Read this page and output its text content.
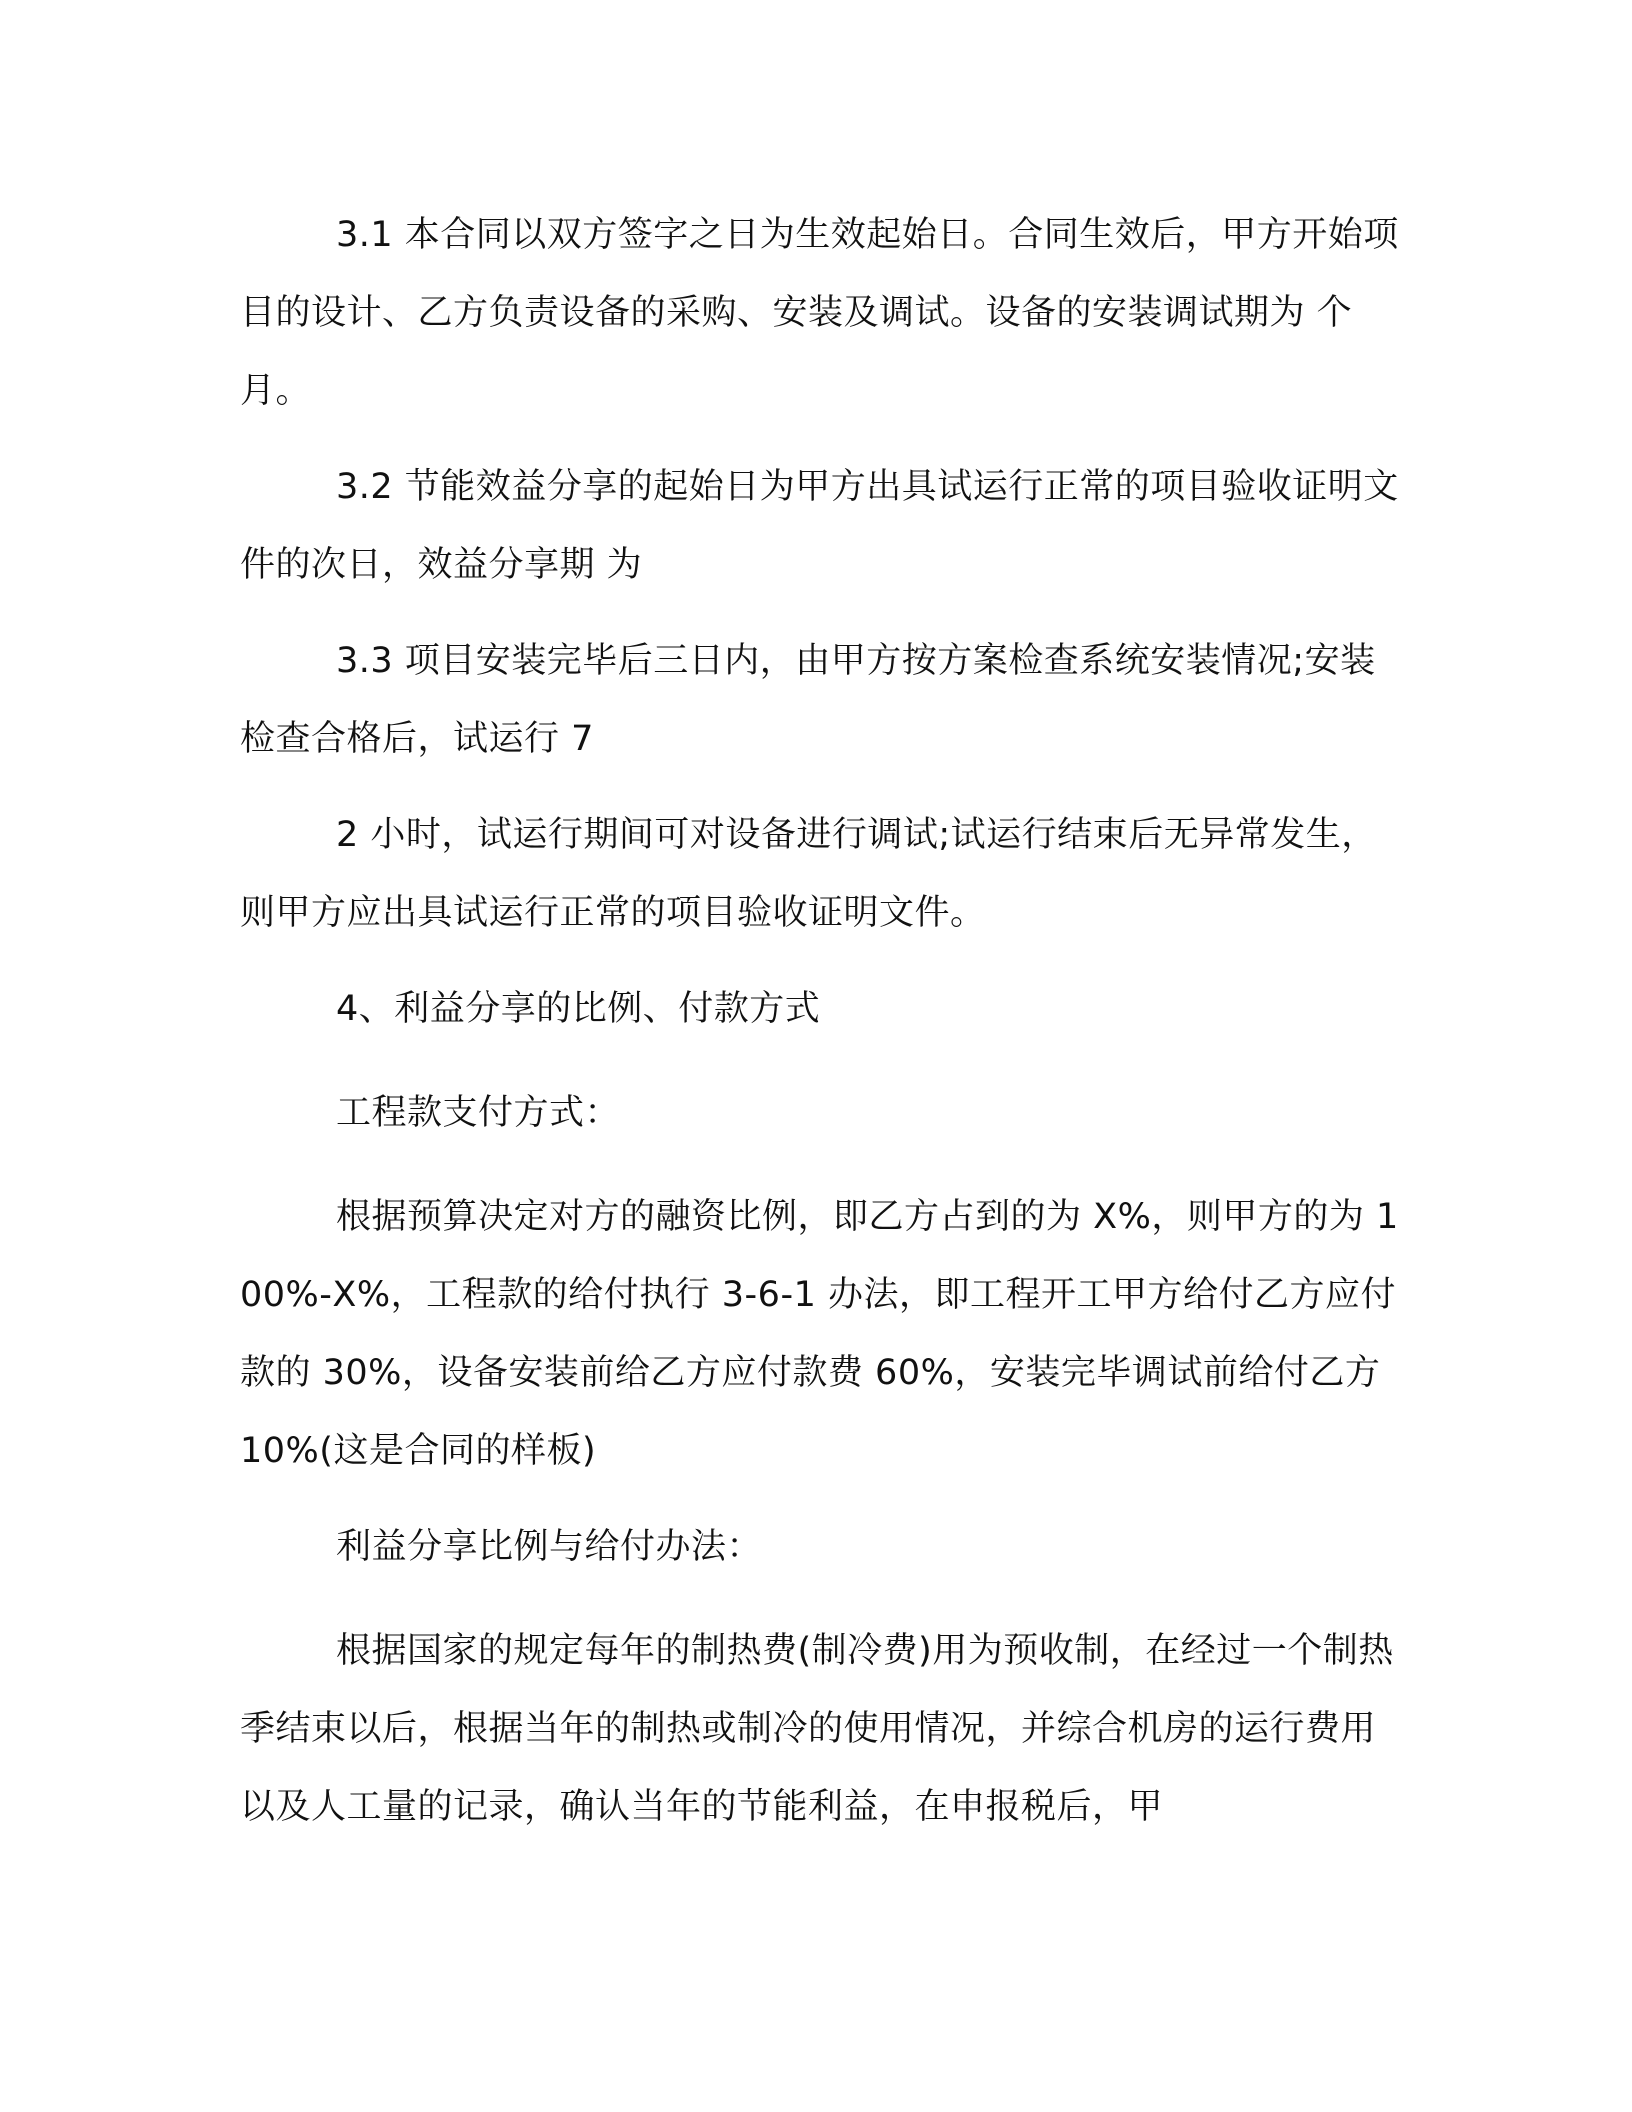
3.1 本合同以双方签字之日为生效起始日。合同生效后，甲方开始项目的设计、乙方负责设备的采购、安装及调试。设备的安装调试期为 个月。

3.2 节能效益分享的起始日为甲方出具试运行正常的项目验收证明文件的次日，效益分享期 为

3.3 项目安装完毕后三日内，由甲方按方案检查系统安装情况;安装检查合格后，试运行 7

2 小时，试运行期间可对设备进行调试;试运行结束后无异常发生，则甲方应出具试运行正常的项目验收证明文件。

4、利益分享的比例、付款方式

工程款支付方式：

根据预算决定对方的融资比例，即乙方占到的为 X%，则甲方的为 100%-X%，工程款的给付执行 3-6-1 办法，即工程开工甲方给付乙方应付款的 30%，设备安装前给乙方应付款费 60%，安装完毕调试前给付乙方 10%(这是合同的样板)

利益分享比例与给付办法：

根据国家的规定每年的制热费(制冷费)用为预收制，在经过一个制热季结束以后，根据当年的制热或制冷的使用情况，并综合机房的运行费用以及人工量的记录，确认当年的节能利益，在申报税后，甲
